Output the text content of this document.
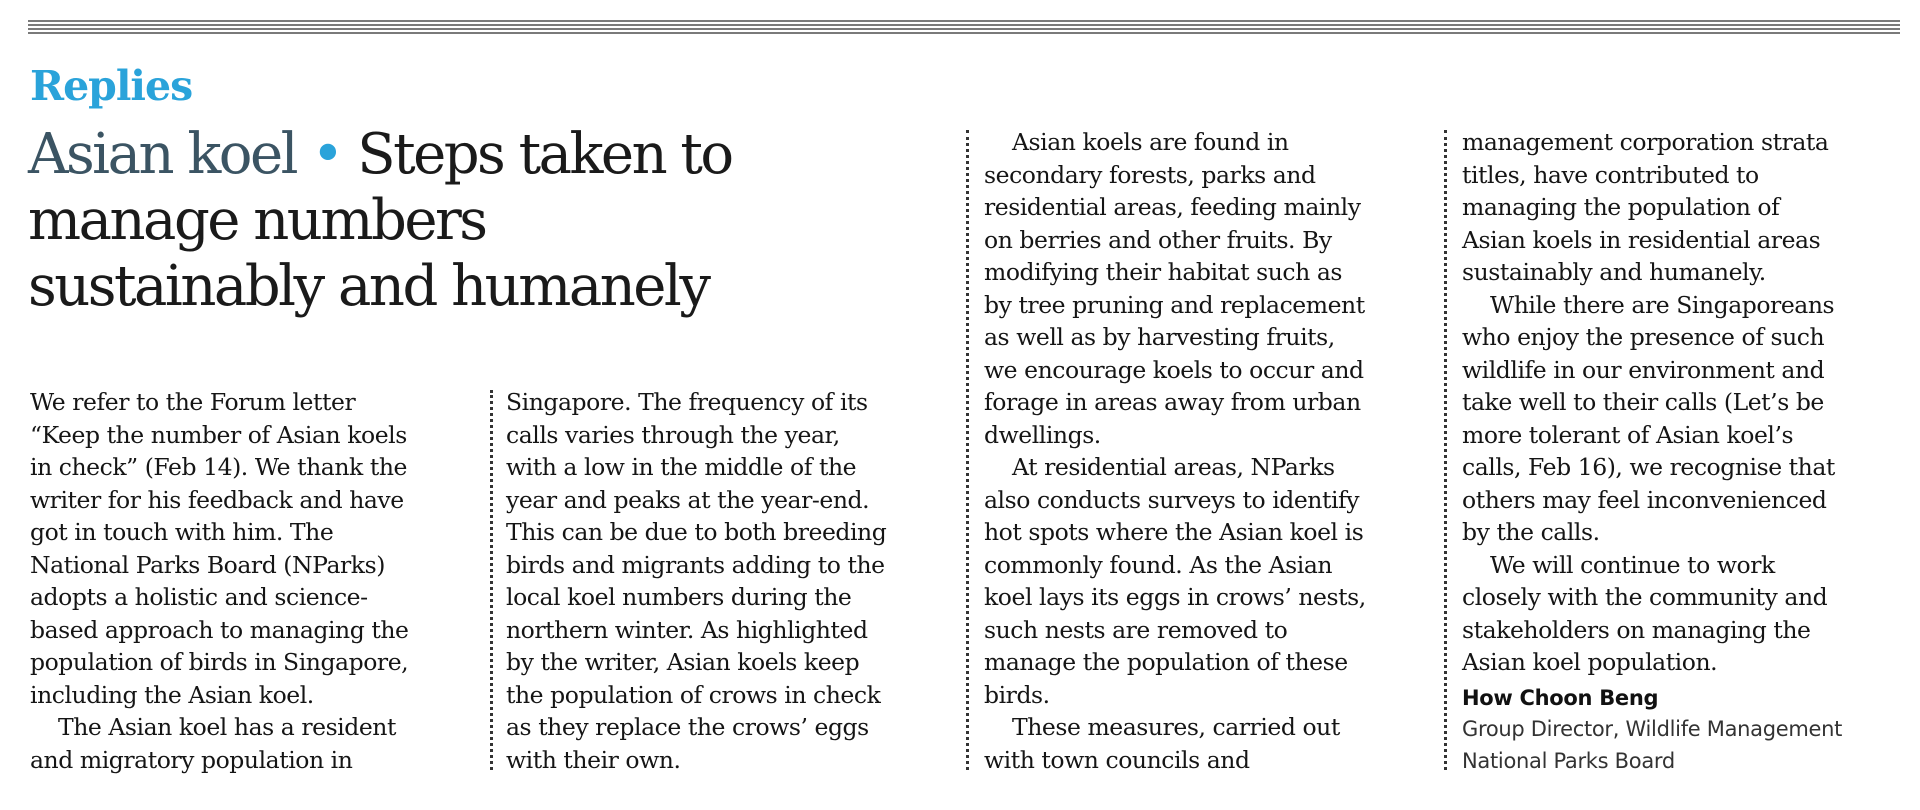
Replies
Asian koel • Steps taken to
manage numbers
sustainably and humanely

We refer to the Forum letter
“Keep the number of Asian koels
in check” (Feb 14). We thank the
writer for his feedback and have
got in touch with him. The
National Parks Board (NParks)
adopts a holistic and science-
based approach to managing the
population of birds in Singapore,
including the Asian koel.

The Asian koel has a resident
and migratory population in

Singapore. The frequency of its
calls varies through the year,
with a low in the middle of the
year and peaks at the year-end.
This can be due to both breeding
birds and migrants adding to the
local koel numbers during the
northern winter. As highlighted
by the writer, Asian koels keep
the population of crows in check
as they replace the crows’ eggs
with their own.

Asian koels are found in
secondary forests, parks and
residential areas, feeding mainly
on berries and other fruits. By
modifying their habitat such as
by tree pruning and replacement
as well as by harvesting fruits,
we encourage koels to occur and
forage in areas away from urban
dwellings.

At residential areas, NParks
also conducts surveys to identify
hot spots where the Asian koel is
commonly found. As the Asian
koel lays its eggs in crows’ nests,
such nests are removed to
manage the population of these
birds.

These measures, carried out
with town councils and

management corporation strata
titles, have contributed to
managing the population of
Asian koels in residential areas
sustainably and humanely.

While there are Singaporeans
who enjoy the presence of such
wildlife in our environment and
take well to their calls (Let’s be
more tolerant of Asian koel’s
calls, Feb 16), we recognise that
others may feel inconvenienced
by the calls.

We will continue to work
closely with the community and
stakeholders on managing the
Asian koel population.

How Choon Beng
Group Director, Wildlife Management
National Parks Board
